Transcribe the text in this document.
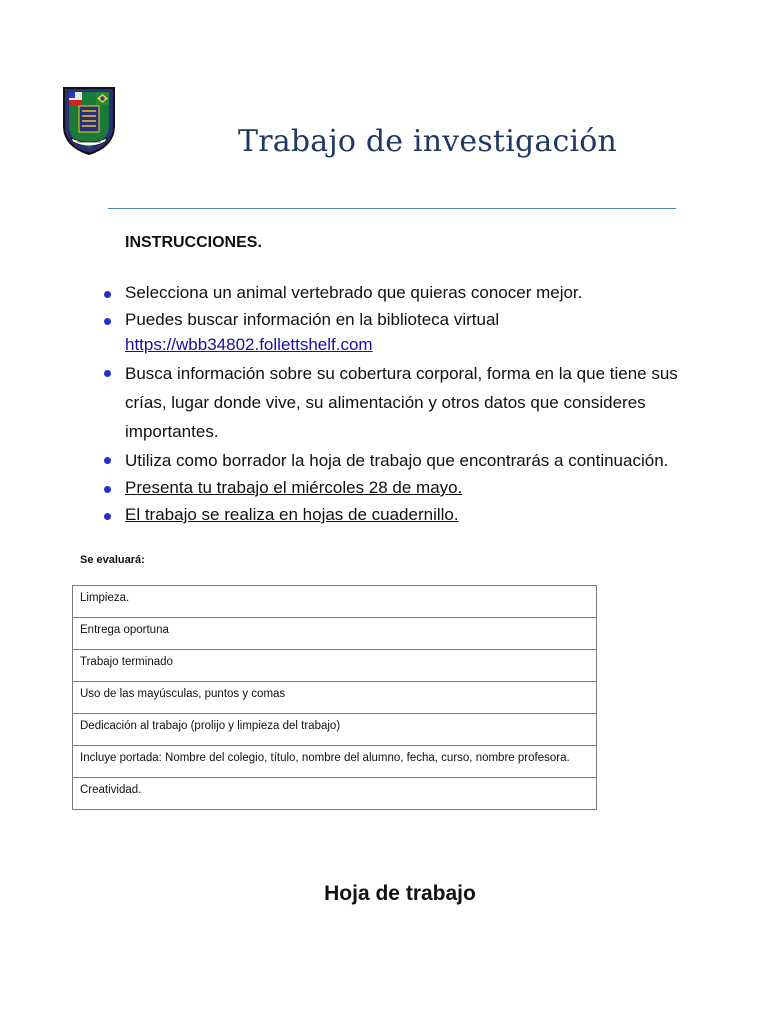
Trabajo de investigación
INSTRUCCIONES.
Selecciona un animal vertebrado que quieras conocer mejor.
Puedes buscar información en la biblioteca virtual
https://wbb34802.follettshelf.com
Busca información sobre su cobertura corporal, forma en la que tiene sus crías, lugar donde vive, su alimentación y otros datos que consideres importantes.
Utiliza como borrador la hoja de trabajo que encontrarás a continuación.
Presenta tu trabajo el miércoles 28 de mayo.
El trabajo se realiza en hojas de cuadernillo.
Se evaluará:
Limpieza.
Entrega oportuna
Trabajo terminado
Uso de las mayúsculas, puntos y comas
Dedicación al trabajo (prolijo y limpieza del trabajo)
Incluye portada: Nombre del colegio, título, nombre del alumno, fecha, curso, nombre profesora.
Creatividad.
Hoja de trabajo
